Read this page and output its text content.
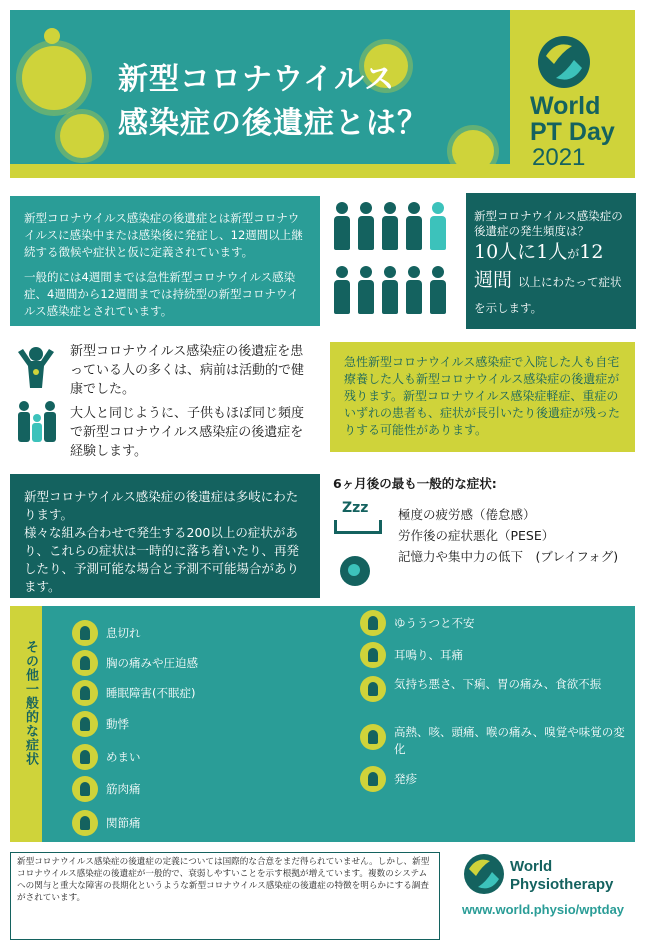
新型コロナウイルス
感染症の後遺症とは？	World
PT Day
2021

新型コロナウイルス感染症の後遺症とは新型コロナウイルスに感染中または感染後に発症し、12週間以上継続する徴候や症状と仮に定義されています。

一般的には4週間までは急性新型コロナウイルス感染症、4週間から12週間までは持続型の新型コロナウイルス感染症とされています。

新型コロナウイルス感染症の後遺症の発生頻度は？
10人に1人が12
週間 以上にわたって症状を示します。
新型コロナウイルス感染症の後遺症を患っている人の多くは、病前は活動的で健康でした。
大人と同じように、子供もほぼ同じ頻度で新型コロナウイルス感染症の後遺症を経験します。
急性新型コロナウイルス感染症で入院した人も自宅療養した人も新型コロナウイルス感染症の後遺症が残ります。新型コロナウイルス感染症軽症、重症のいずれの患者も、症状が長引いたり後遺症が残ったりする可能性があります。

新型コロナウイルス感染症の後遺症は多岐にわたります。

様々な組み合わせで発生する200以上の症状があり、これらの症状は一時的に落ち着いたり、再発したり、予測可能な場合と予測不可能場合があります。

6ヶ月後の最も一般的な症状:
Zzz	極度の疲労感（倦怠感）
労作後の症状悪化（PESE）
記憶力や集中力の低下　(ブレイフォグ)
その他一般的な症状
息切れ
胸の痛みや圧迫感
睡眠障害(不眠症)
動悸
めまい
筋肉痛
関節痛
ゆううつと不安
耳鳴り、耳痛
気持ち悪さ、下痢、胃の痛み、食欲不振
高熱、咳、頭痛、喉の痛み、嗅覚や味覚の変化
発疹
新型コロナウイルス感染症の後遺症の定義については国際的な合意をまだ得られていません。しかし、新型コロナウイルス感染症の後遺症が一般的で、衰弱しやすいことを示す根拠が増えています。複数のシステムへの関与と重大な障害の長期化というような新型コロナウイルス感染症の後遺症の特徴を明らかにする調査がされています。
World
Physiotherapy
www.world.physio/wptday
